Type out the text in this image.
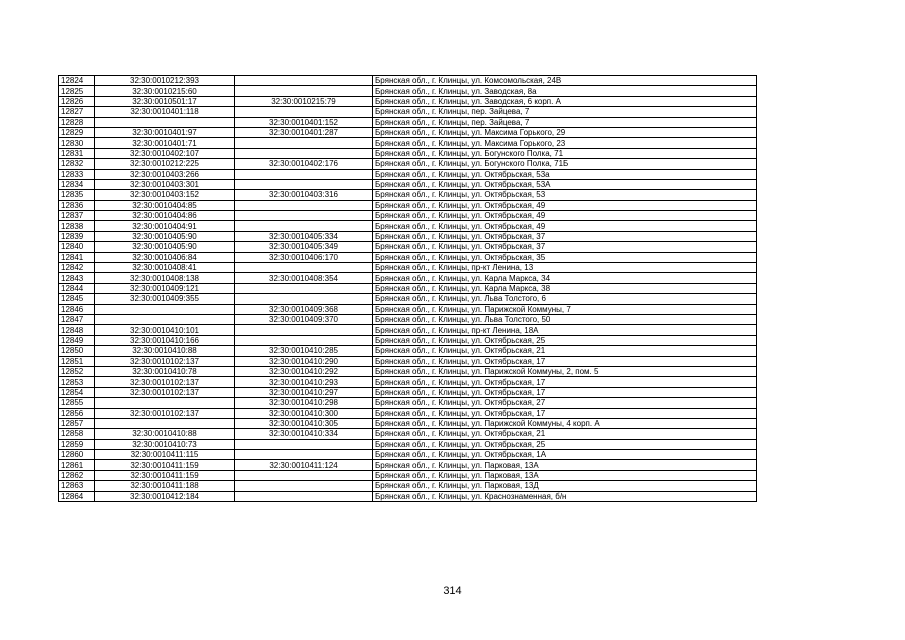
12824	32:30:0010212:393		Брянская обл., г. Клинцы, ул. Комсомольская, 24В
12825	32:30:0010215:60		Брянская обл., г. Клинцы, ул. Заводская, 8а
12826	32:30:0010501:17	32:30:0010215:79	Брянская обл., г. Клинцы, ул. Заводская, 6 корп. А
12827	32:30:0010401:118		Брянская обл., г. Клинцы, пер. Зайцева, 7
12828		32:30:0010401:152	Брянская обл., г. Клинцы, пер. Зайцева, 7
12829	32:30:0010401:97	32:30:0010401:287	Брянская обл., г. Клинцы, ул. Максима Горького, 29
12830	32:30:0010401:71		Брянская обл., г. Клинцы, ул. Максима Горького, 23
12831	32:30:0010402:107		Брянская обл., г. Клинцы, ул. Богунского Полка, 71
12832	32:30:0010212:225	32:30:0010402:176	Брянская обл., г. Клинцы, ул. Богунского Полка, 71Б
12833	32:30:0010403:266		Брянская обл., г. Клинцы, ул. Октябрьская, 53а
12834	32:30:0010403:301		Брянская обл., г. Клинцы, ул. Октябрьская, 53А
12835	32:30:0010403:152	32:30:0010403:316	Брянская обл., г. Клинцы, ул. Октябрьская, 53
12836	32:30:0010404:85		Брянская обл., г. Клинцы, ул. Октябрьская, 49
12837	32:30:0010404:86		Брянская обл., г. Клинцы, ул. Октябрьская, 49
12838	32:30:0010404:91		Брянская обл., г. Клинцы, ул. Октябрьская, 49
12839	32:30:0010405:90	32:30:0010405:334	Брянская обл., г. Клинцы, ул. Октябрьская, 37
12840	32:30:0010405:90	32:30:0010405:349	Брянская обл., г. Клинцы, ул. Октябрьская, 37
12841	32:30:0010406:84	32:30:0010406:170	Брянская обл., г. Клинцы, ул. Октябрьская, 35
12842	32:30:0010408:41		Брянская обл., г. Клинцы, пр-кт Ленина, 13
12843	32:30:0010408:138	32:30:0010408:354	Брянская обл., г. Клинцы, ул. Карла Маркса, 34
12844	32:30:0010409:121		Брянская обл., г. Клинцы, ул. Карла Маркса, 38
12845	32:30:0010409:355		Брянская обл., г. Клинцы, ул. Льва Толстого, 6
12846		32:30:0010409:368	Брянская обл., г. Клинцы, ул. Парижской Коммуны, 7
12847		32:30:0010409:370	Брянская обл., г. Клинцы, ул. Льва Толстого, 50
12848	32:30:0010410:101		Брянская обл., г. Клинцы, пр-кт Ленина, 18А
12849	32:30:0010410:166		Брянская обл., г. Клинцы, ул. Октябрьская, 25
12850	32:30:0010410:88	32:30:0010410:285	Брянская обл., г. Клинцы, ул. Октябрьская, 21
12851	32:30:0010102:137	32:30:0010410:290	Брянская обл., г. Клинцы, ул. Октябрьская, 17
12852	32:30:0010410:78	32:30:0010410:292	Брянская обл., г. Клинцы, ул. Парижской Коммуны, 2, пом. 5
12853	32:30:0010102:137	32:30:0010410:293	Брянская обл., г. Клинцы, ул. Октябрьская, 17
12854	32:30:0010102:137	32:30:0010410:297	Брянская обл., г. Клинцы, ул. Октябрьская, 17
12855		32:30:0010410:298	Брянская обл., г. Клинцы, ул. Октябрьская, 27
12856	32:30:0010102:137	32:30:0010410:300	Брянская обл., г. Клинцы, ул. Октябрьская, 17
12857		32:30:0010410:305	Брянская обл., г. Клинцы, ул. Парижской Коммуны, 4 корп. А
12858	32:30:0010410:88	32:30:0010410:334	Брянская обл., г. Клинцы, ул. Октябрьская, 21
12859	32:30:0010410:73		Брянская обл., г. Клинцы, ул. Октябрьская, 25
12860	32:30:0010411:115		Брянская обл., г. Клинцы, ул. Октябрьская, 1А
12861	32:30:0010411:159	32:30:0010411:124	Брянская обл., г. Клинцы, ул. Парковая, 13А
12862	32:30:0010411:159		Брянская обл., г. Клинцы, ул. Парковая, 13А
12863	32:30:0010411:188		Брянская обл., г. Клинцы, ул. Парковая, 13Д
12864	32:30:0010412:184		Брянская обл., г. Клинцы, ул. Краснознаменная, б/н
314
